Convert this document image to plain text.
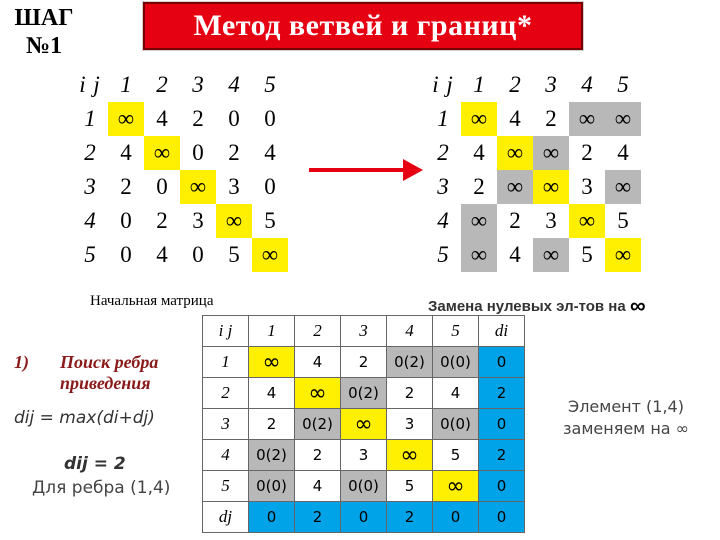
ШАГ
№1
Метод ветвей и границ*
i j	1	2	3	4	5
1	∞	4	2	0	0
2	4	∞	0	2	4
3	2	0	∞	3	0
4	0	2	3	∞	5
5	0	4	0	5	∞
Начальная матрица
i j	1	2	3	4	5
1	∞	4	2	∞	∞
2	4	∞	∞	2	4
3	2	∞	∞	3	∞
4	∞	2	3	∞	5
5	∞	4	∞	5	∞
Замена нулевых эл-тов на ∞
i j	1	2	3	4	5	di
1	∞	4	2	0(2)	0(0)	0
2	4	∞	0(2)	2	4	2
3	2	0(2)	∞	3	0(0)	0
4	0(2)	2	3	∞	5	2
5	0(0)	4	0(0)	5	∞	0
dj	0	2	0	2	0	0
1) Поиск ребра приведения
dij = max(di+dj)
dij = 2
Для ребра (1,4)
Элемент (1,4)
заменяем на ∞
